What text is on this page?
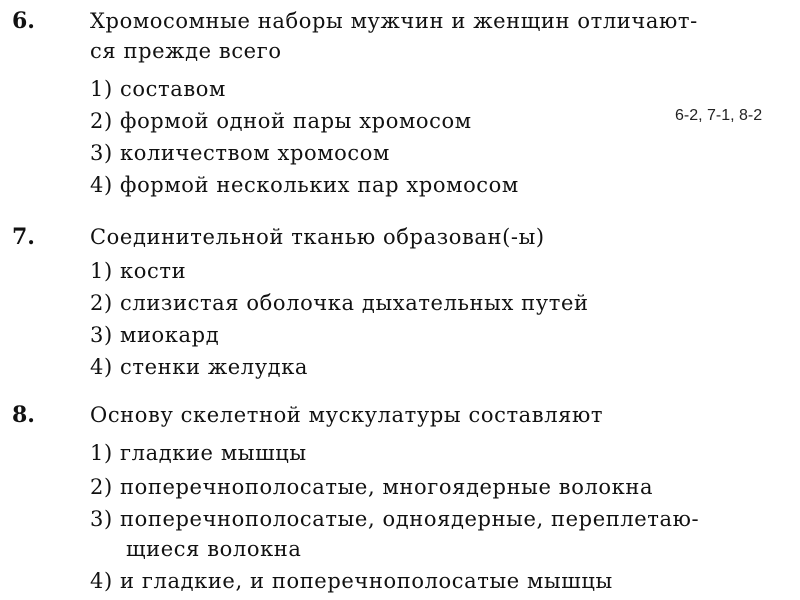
6.	Хромосомные наборы мужчин и женщин отличают-
ся прежде всего
1) составом
2) формой одной пары хромосом
3) количеством хромосом
4) формой нескольких пар хромосом
6-2, 7-1, 8-2
7.	Соединительной тканью образован(-ы)
1) кости
2) слизистая оболочка дыхательных путей
3) миокард
4) стенки желудка
8.	Основу скелетной мускулатуры составляют
1) гладкие мышцы
2) поперечнополосатые, многоядерные волокна
3) поперечнополосатые, одноядерные, переплетаю-
щиеся волокна
4) и гладкие, и поперечнополосатые мышцы
